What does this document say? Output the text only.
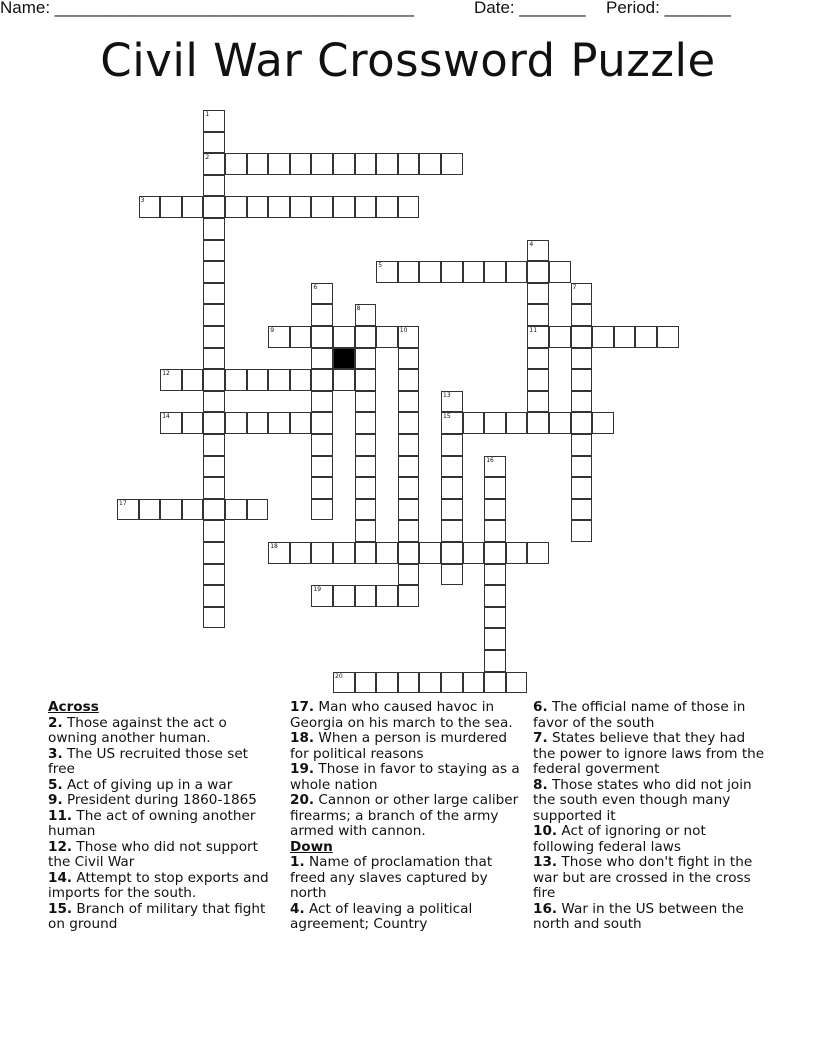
Name: ______________________________________

	Date: _______

Period: _______

Civil War Crossword Puzzle
1
2
3
4
11
5
6	7
8
9	10
12
13
15
14
16
17
18
19
20
Across
2. Those against the act o owning another human.
3. The US recruited those set free
5. Act of giving up in a war
9. President during 1860-1865
11. The act of owning another human
12. Those who did not support the Civil War
14. Attempt to stop exports and imports for the south.
15. Branch of military that fight on ground
17. Man who caused havoc in Georgia on his march to the sea.
18. When a person is murdered for political reasons
19. Those in favor to staying as a whole nation
20. Cannon or other large caliber firearms; a branch of the army armed with cannon.
Down
1. Name of proclamation that freed any slaves captured by north
4. Act of leaving a political agreement; Country
6. The official name of those in favor of the south
7. States believe that they had the power to ignore laws from the federal goverment
8. Those states who did not join the south even though many supported it
10. Act of ignoring or not following federal laws
13. Those who don't fight in the war but are crossed in the cross fire
16. War in the US between the north and south
